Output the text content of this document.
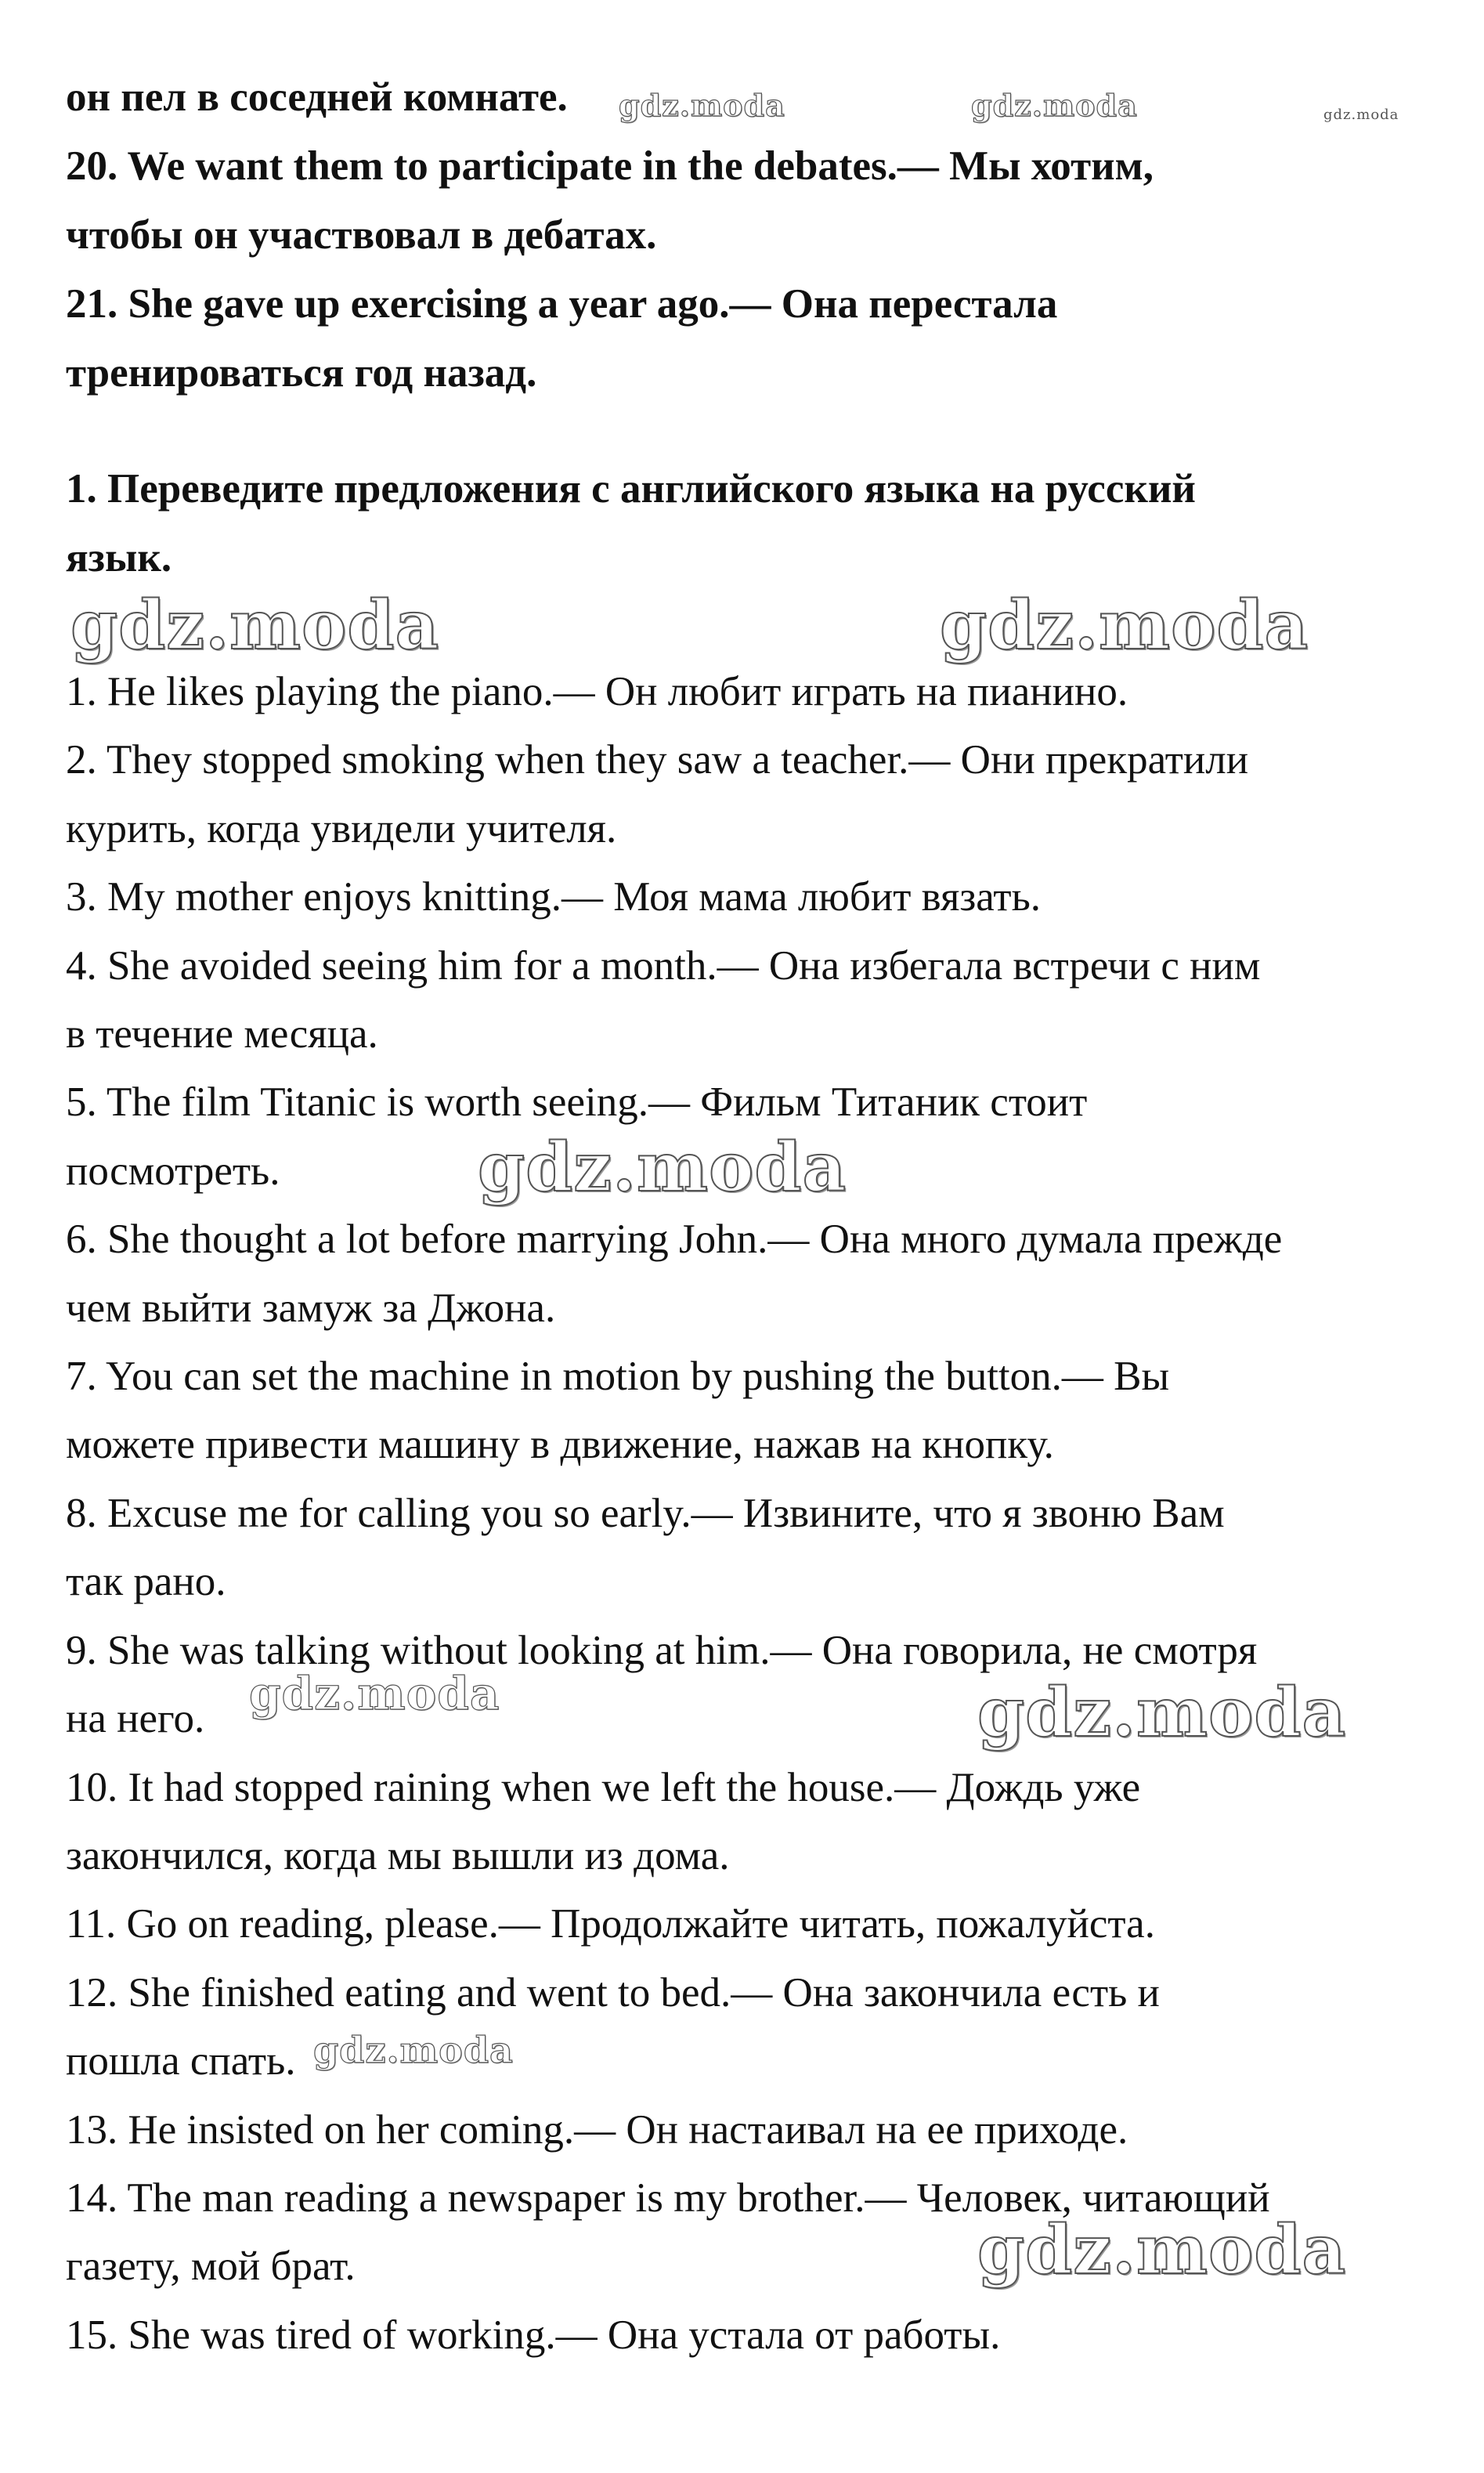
он пел в соседней комнате.
20. We want them to participate in the debates.— Мы хотим,
чтобы он участвовал в дебатах.
21. She gave up exercising a year ago.— Она перестала
тренироваться год назад.
1. Переведите предложения с английского языка на русский
язык.
1. He likes playing the piano.— Он любит играть на пианино.
2. They stopped smoking when they saw a teacher.— Они прекратили
курить, когда увидели учителя.
3. My mother enjoys knitting.— Моя мама любит вязать.
4. She avoided seeing him for a month.— Она избегала встречи с ним
в течение месяца.
5. The film Titanic is worth seeing.— Фильм Титаник стоит
посмотреть.
6. She thought a lot before marrying John.— Она много думала прежде
чем выйти замуж за Джона.
7. You can set the machine in motion by pushing the button.— Вы
можете привести машину в движение, нажав на кнопку.
8. Excuse me for calling you so early.— Извините, что я звоню Вам
так рано.
9. She was talking without looking at him.— Она говорила, не смотря
на него.
10. It had stopped raining when we left the house.— Дождь уже
закончился, когда мы вышли из дома.
11. Go on reading, please.— Продолжайте читать, пожалуйста.
12. She finished eating and went to bed.— Она закончила есть и
пошла спать.
13. He insisted on her coming.— Он настаивал на ее приходе.
14. The man reading a newspaper is my brother.— Человек, читающий
газету, мой брат.
15. She was tired of working.— Она устала от работы.
gdz.moda	gdz.moda	gdz.moda
gdz.moda	gdz.moda
gdz.moda
gdz.moda	gdz.moda
gdz.moda
gdz.moda
